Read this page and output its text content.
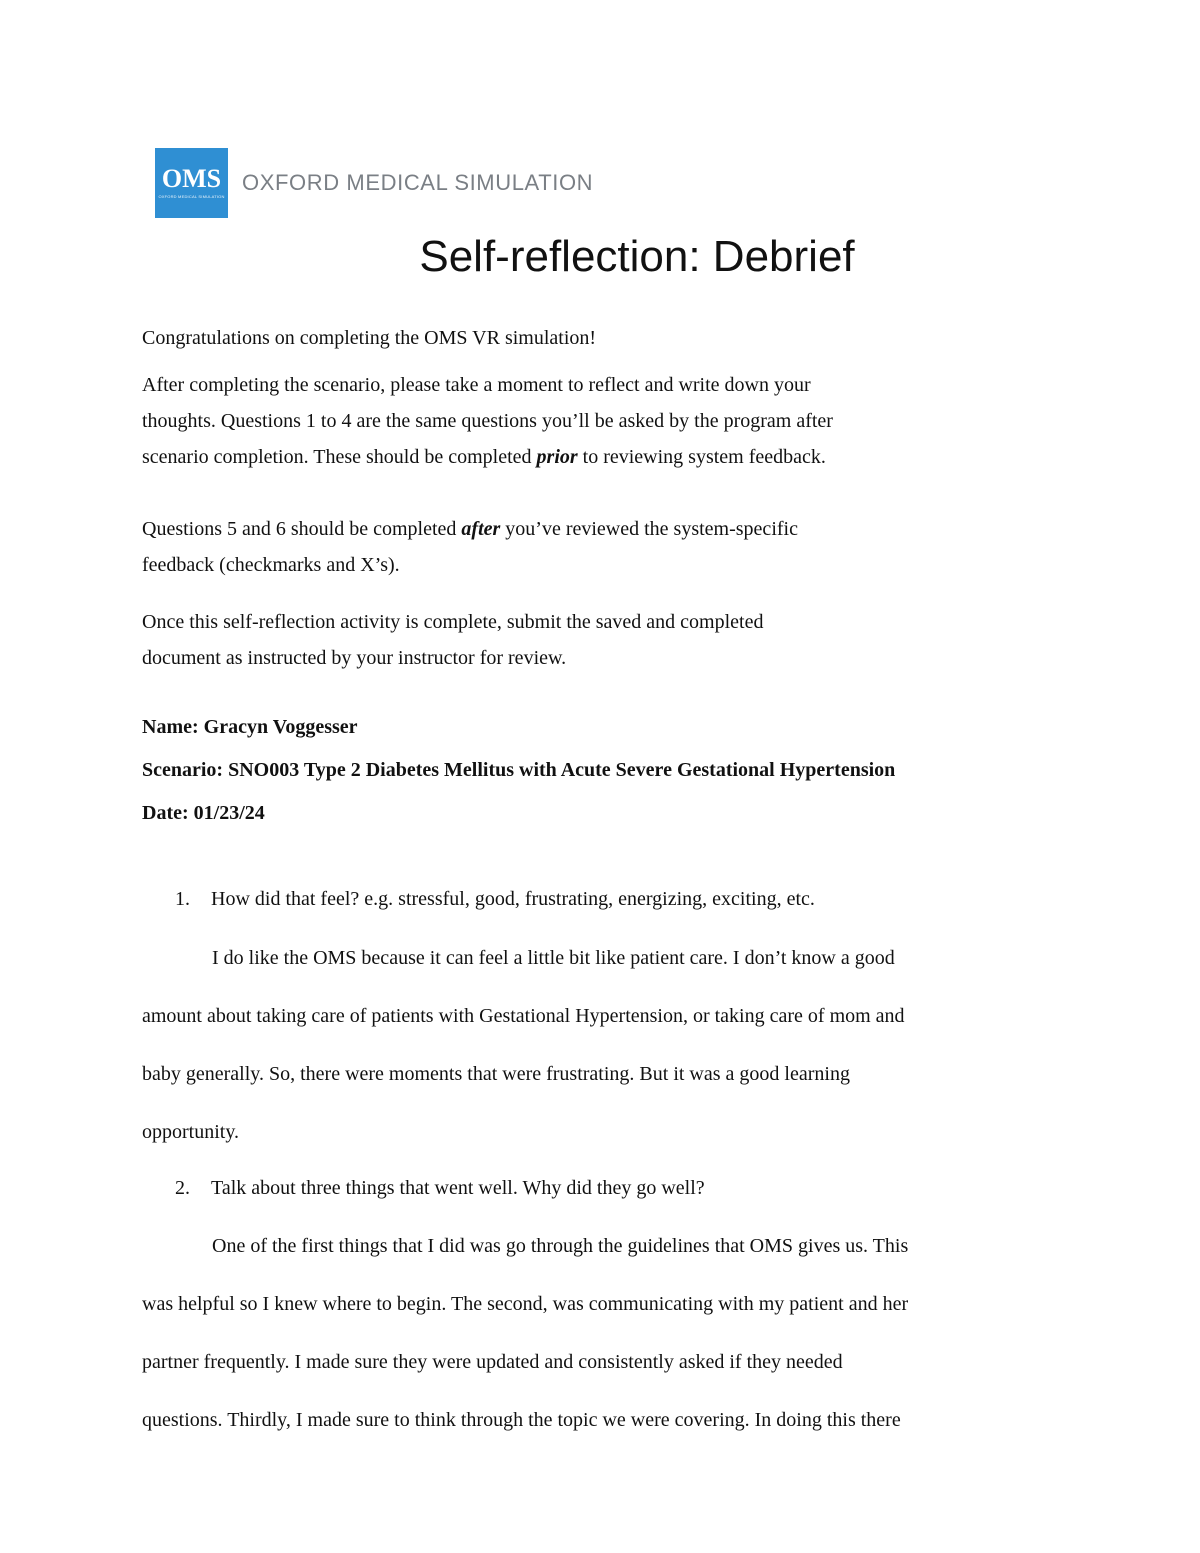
OMS
OXFORD MEDICAL SIMULATION
OXFORD MEDICAL SIMULATION
Self-reflection: Debrief

Congratulations on completing the OMS VR simulation!

After completing the scenario, please take a moment to reflect and write down your
thoughts. Questions 1 to 4 are the same questions you’ll be asked by the program after
scenario completion. These should be completed prior to reviewing system feedback.

Questions 5 and 6 should be completed after you’ve reviewed the system-specific
feedback (checkmarks and X’s).

Once this self-reflection activity is complete, submit the saved and completed
document as instructed by your instructor for review.

Name: Gracyn Voggesser

Scenario: SNO003 Type 2 Diabetes Mellitus with Acute Severe Gestational Hypertension

Date: 01/23/24

1. How did that feel? e.g. stressful, good, frustrating, energizing, exciting, etc.

I do like the OMS because it can feel a little bit like patient care. I don’t know a good
amount about taking care of patients with Gestational Hypertension, or taking care of mom and
baby generally. So, there were moments that were frustrating. But it was a good learning
opportunity.

2. Talk about three things that went well. Why did they go well?

One of the first things that I did was go through the guidelines that OMS gives us. This
was helpful so I knew where to begin. The second, was communicating with my patient and her
partner frequently. I made sure they were updated and consistently asked if they needed
questions. Thirdly, I made sure to think through the topic we were covering. In doing this there
